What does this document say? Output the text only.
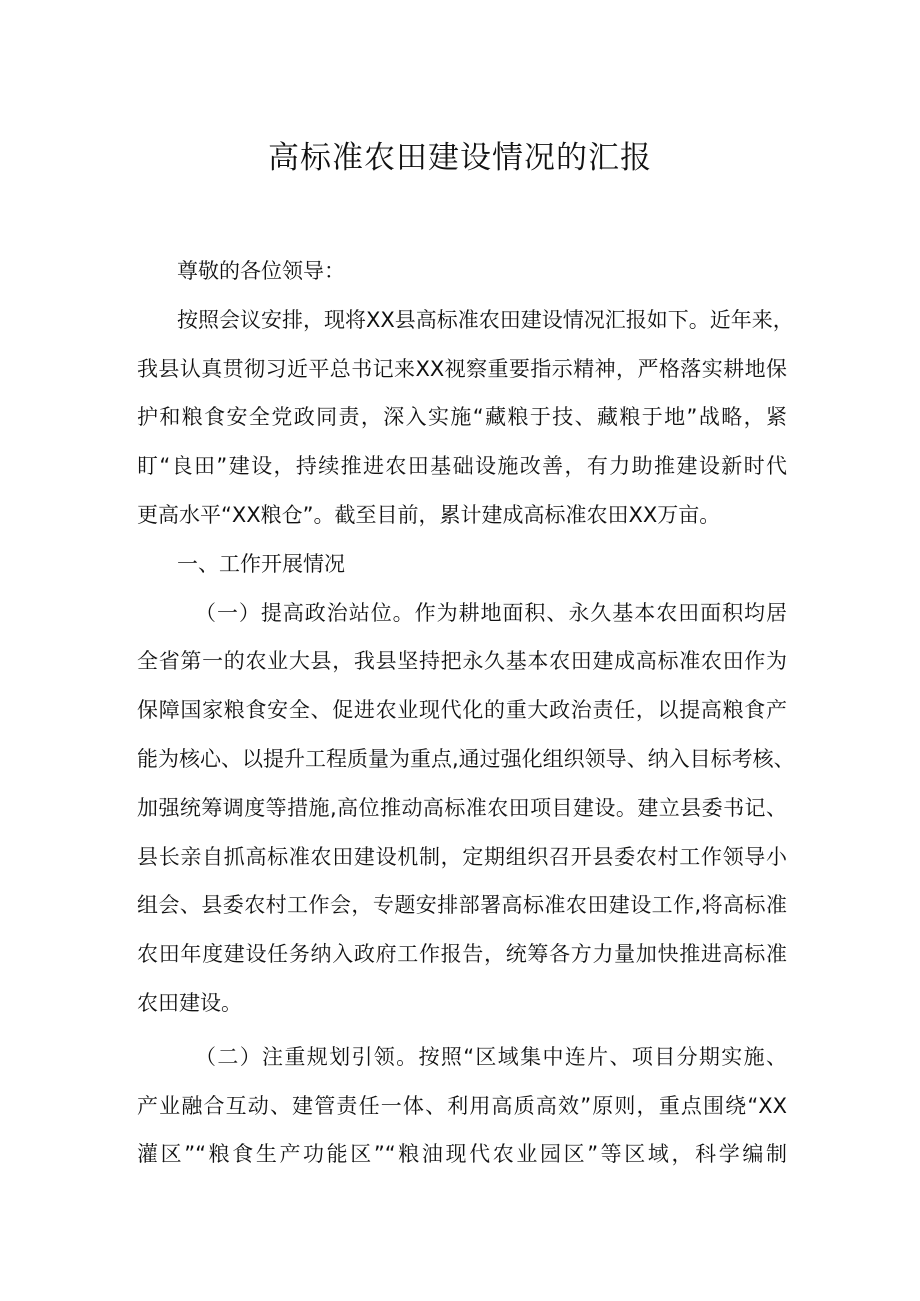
高标准农田建设情况的汇报
尊敬的各位领导：
按照会议安排，现将XX县高标准农田建设情况汇报如下。近年来，
我县认真贯彻习近平总书记来XX视察重要指示精神，严格落实耕地保
护和粮食安全党政同责，深入实施“藏粮于技、藏粮于地”战略，紧
盯“良田”建设，持续推进农田基础设施改善，有力助推建设新时代
更高水平“XX粮仓”。截至目前，累计建成高标准农田XX万亩。
一、工作开展情况
（一）提高政治站位。作为耕地面积、永久基本农田面积均居
全省第一的农业大县，我县坚持把永久基本农田建成高标准农田作为
保障国家粮食安全、促进农业现代化的重大政治责任，以提高粮食产
能为核心、以提升工程质量为重点,通过强化组织领导、纳入目标考核、
加强统筹调度等措施,高位推动高标准农田项目建设。建立县委书记、
县长亲自抓高标准农田建设机制，定期组织召开县委农村工作领导小
组会、县委农村工作会，专题安排部署高标准农田建设工作,将高标准
农田年度建设任务纳入政府工作报告，统筹各方力量加快推进高标准
农田建设。
（二）注重规划引领。按照“区域集中连片、项目分期实施、
产业融合互动、建管责任一体、利用高质高效”原则，重点围绕“XX
灌区”“粮食生产功能区”“粮油现代农业园区”等区域，科学编制
